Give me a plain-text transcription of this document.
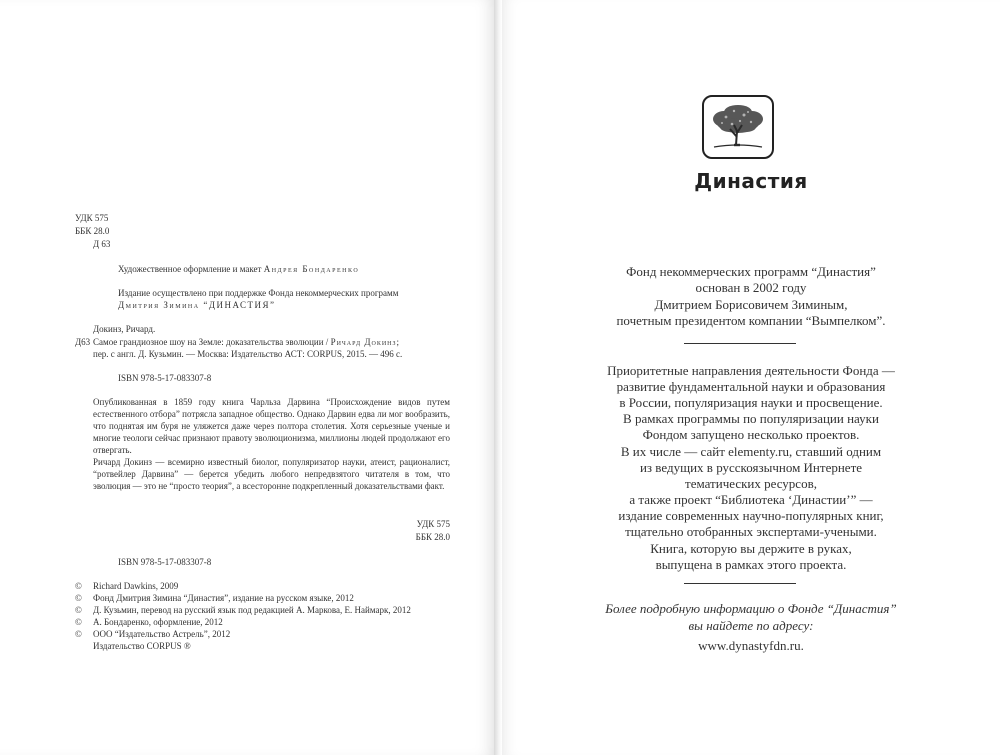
УДК 575
ББК 28.0
Д 63
Художественное оформление и макет Андрея Бондаренко
Издание осуществлено при поддержке Фонда некоммерческих программ
Дмитрия Зимина “ДИНАСТИЯ”
Докинз, Ричард.
Д63 Самое грандиозное шоу на Земле: доказательства эволюции / Ричард Докинз;
пер. с англ. Д. Кузьмин. — Москва: Издательство АСТ: CORPUS, 2015. — 496 с.
ISBN 978-5-17-083307-8
Опубликованная в 1859 году книга Чарльза Дарвина “Происхождение видов путем естественного отбора” потрясла западное общество. Однако Дарвин едва ли мог вообразить, что поднятая им буря не уляжется даже через полтора столетия. Хотя серьезные ученые и многие теологи сейчас признают правоту эволюционизма, миллионы людей продолжают его отвергать.
Ричард Докинз — всемирно известный биолог, популяризатор науки, атеист, рационалист, “ротвейлер Дарвина” — берется убедить любого непредвзятого читателя в том, что эволюция — это не “просто теория”, а всесторонне подкрепленный доказательствами факт.
УДК 575
ББК 28.0
ISBN 978-5-17-083307-8
© Richard Dawkins, 2009
© Фонд Дмитрия Зимина “Династия”, издание на русском языке, 2012
© Д. Кузьмин, перевод на русский язык под редакцией А. Маркова, Е. Наймарк, 2012
© А. Бондаренко, оформление, 2012
© ООО “Издательство Астрель”, 2012
Издательство CORPUS ®
Династия
Фонд некоммерческих программ “Династия”
основан в 2002 году
Дмитрием Борисовичем Зиминым,
почетным президентом компании “Вымпелком”.
Приоритетные направления деятельности Фонда —
развитие фундаментальной науки и образования
в России, популяризация науки и просвещение.
В рамках программы по популяризации науки
Фондом запущено несколько проектов.
В их числе — сайт elementy.ru, ставший одним
из ведущих в русскоязычном Интернете
тематических ресурсов,
а также проект “Библиотека ‘Династии’” —
издание современных научно-популярных книг,
тщательно отобранных экспертами-учеными.
Книга, которую вы держите в руках,
выпущена в рамках этого проекта.
Более подробную информацию о Фонде “Династия”
вы найдете по адресу:
www.dynastyfdn.ru.
